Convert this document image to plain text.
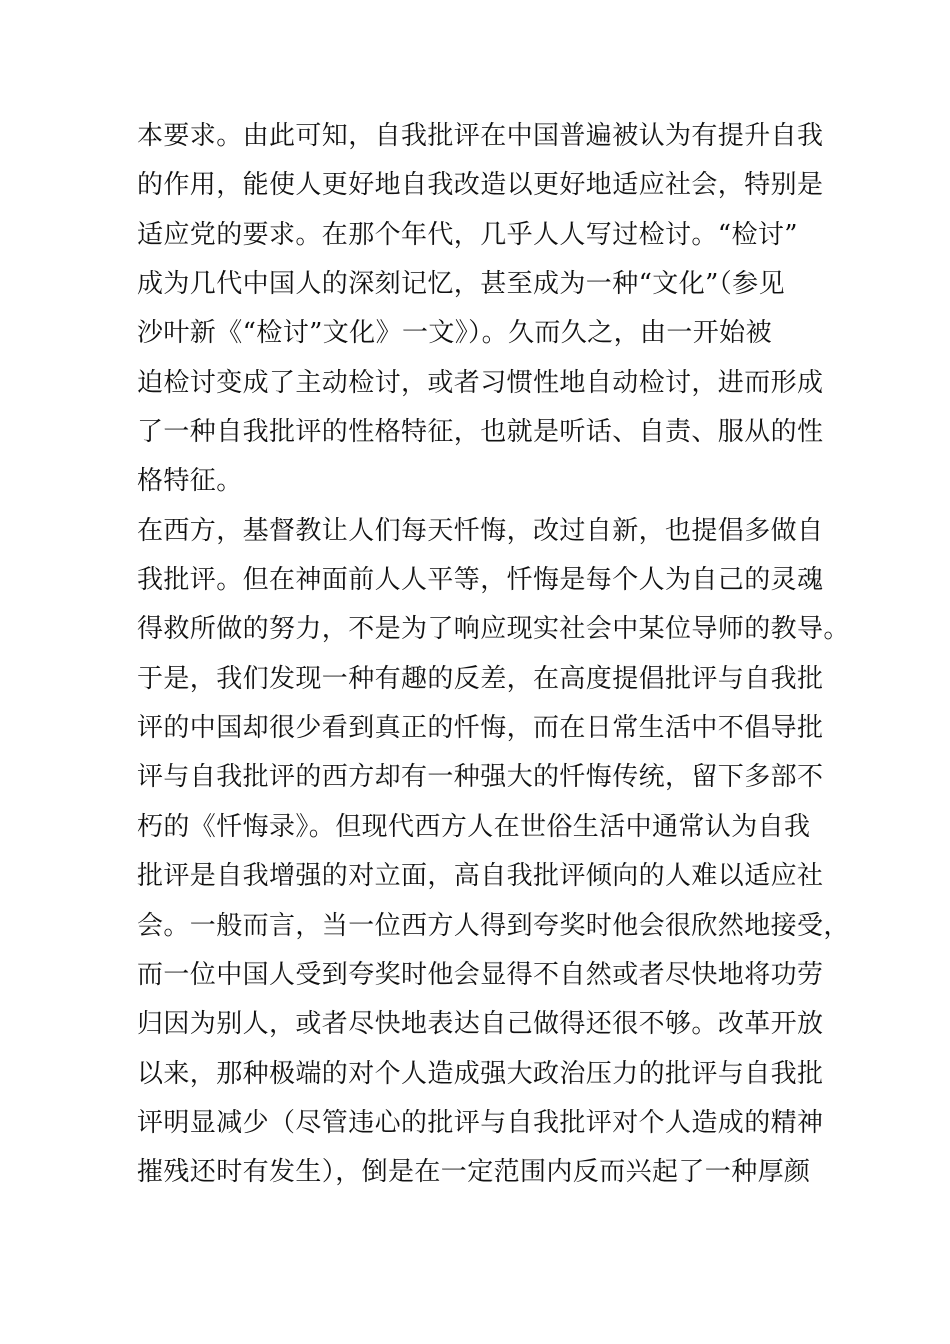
本要求。由此可知，自我批评在中国普遍被认为有提升自我
的作用，能使人更好地自我改造以更好地适应社会，特别是
适应党的要求。在那个年代，几乎人人写过检讨。“检讨”
成为几代中国人的深刻记忆，甚至成为一种“文化”（参见
沙叶新《“检讨”文化》一文》）。久而久之，由一开始被
迫检讨变成了主动检讨，或者习惯性地自动检讨，进而形成
了一种自我批评的性格特征，也就是听话、自责、服从的性
格特征。
在西方，基督教让人们每天忏悔，改过自新，也提倡多做自
我批评。但在神面前人人平等，忏悔是每个人为自己的灵魂
得救所做的努力，不是为了响应现实社会中某位导师的教导。
于是，我们发现一种有趣的反差，在高度提倡批评与自我批
评的中国却很少看到真正的忏悔，而在日常生活中不倡导批
评与自我批评的西方却有一种强大的忏悔传统，留下多部不
朽的《忏悔录》。但现代西方人在世俗生活中通常认为自我
批评是自我增强的对立面，高自我批评倾向的人难以适应社
会。一般而言，当一位西方人得到夸奖时他会很欣然地接受，
而一位中国人受到夸奖时他会显得不自然或者尽快地将功劳
归因为别人，或者尽快地表达自己做得还很不够。改革开放
以来，那种极端的对个人造成强大政治压力的批评与自我批
评明显减少（尽管违心的批评与自我批评对个人造成的精神
摧残还时有发生），倒是在一定范围内反而兴起了一种厚颜
